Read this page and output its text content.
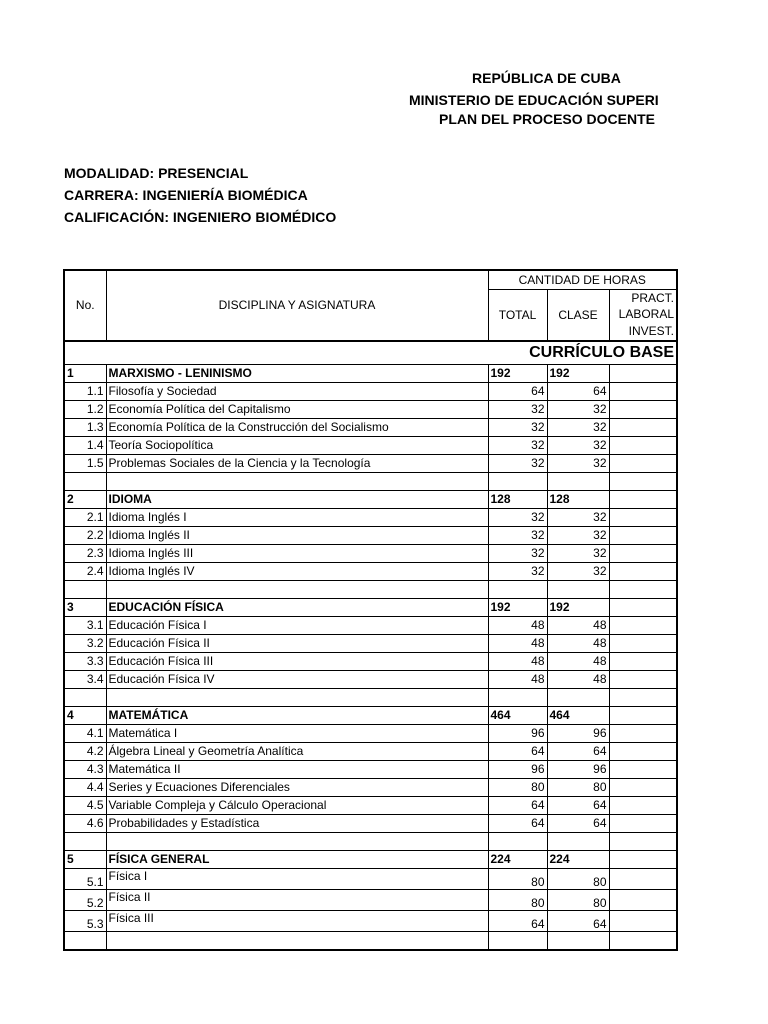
REPÚBLICA DE CUBA
MINISTERIO DE EDUCACIÓN SUPERI
PLAN DEL PROCESO DOCENTE
MODALIDAD: PRESENCIAL
CARRERA: INGENIERÍA BIOMÉDICA
CALIFICACIÓN: INGENIERO BIOMÉDICO
No.	DISCIPLINA Y ASIGNATURA	CANTIDAD DE HORAS		
		TOTAL	CLASE	PRACT.
				LABORAL
				INVEST.
CURRÍCULO BASE				
1	MARXISMO - LENINISMO	192	192	
1.1	Filosofía y Sociedad	64	64	
1.2	Economía Política del Capitalismo	32	32	
1.3	Economía Política de la Construcción del Socialismo	32	32	
1.4	Teoría Sociopolítica	32	32	
1.5	Problemas Sociales de la Ciencia y la Tecnología	32	32	

2	IDIOMA	128	128	
2.1	Idioma Inglés I	32	32	
2.2	Idioma Inglés II	32	32	
2.3	Idioma Inglés III	32	32	
2.4	Idioma Inglés IV	32	32	

3	EDUCACIÓN FÍSICA	192	192	
3.1	Educación Física I	48	48	
3.2	Educación Física II	48	48	
3.3	Educación Física III	48	48	
3.4	Educación Física IV	48	48	

4	MATEMÁTICA	464	464	
4.1	Matemática I	96	96	
4.2	Álgebra Lineal y Geometría Analítica	64	64	
4.3	Matemática II	96	96	
4.4	Series y Ecuaciones Diferenciales	80	80	
4.5	Variable Compleja y Cálculo Operacional	64	64	
4.6	Probabilidades y Estadística	64	64	

5	FÍSICA GENERAL	224	224	
5.1	Física I	80	80	
5.2	Física II	80	80	
5.3	Física III	64	64	
